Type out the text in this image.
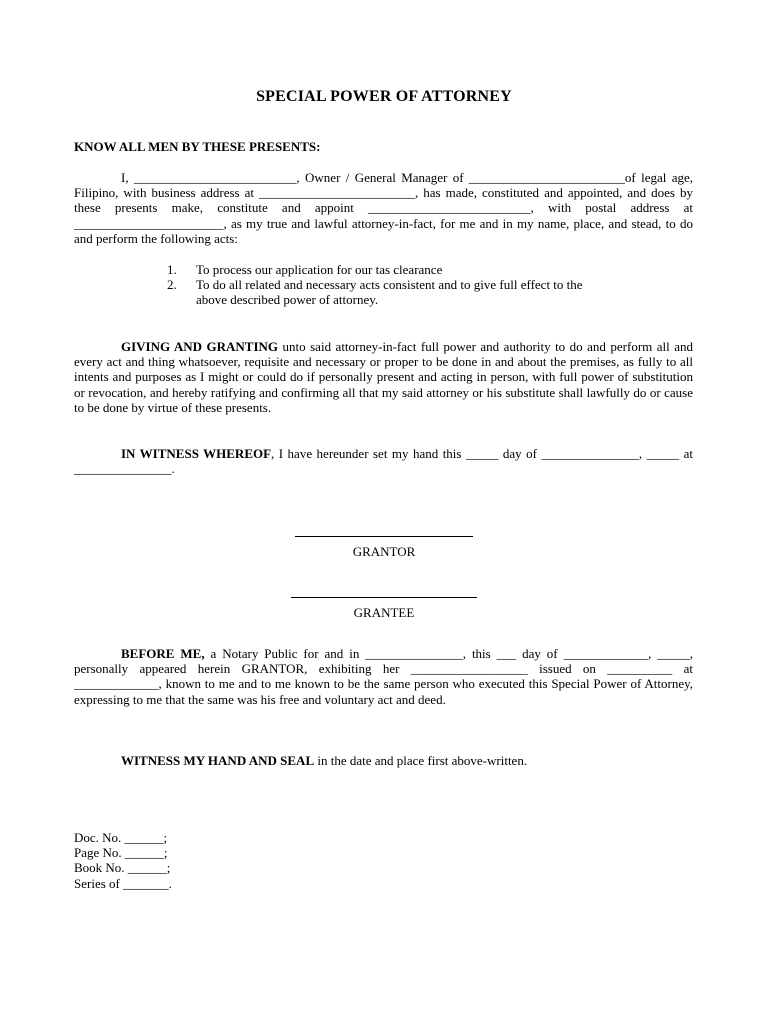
SPECIAL POWER OF ATTORNEY
KNOW ALL MEN BY THESE PRESENTS:
I, _________________________, Owner / General Manager of ________________________of legal age, Filipino, with business address at ________________________, has made, constituted and appointed, and does by these presents make, constitute and appoint _________________________, with postal address at _______________________, as my true and lawful attorney-in-fact, for me and in my name, place, and stead, to do and perform the following acts:
1.	To process our application for our tas clearance
2.	To do all related and necessary acts consistent and to give full effect to the   above described power of attorney.
GIVING AND GRANTING unto said attorney-in-fact full power and authority to do and perform all and every act and thing whatsoever, requisite and necessary or proper to be done in and about the premises, as fully to all intents and purposes as I might or could do if personally present and acting in person, with full power of substitution or revocation, and hereby ratifying and confirming all that my said attorney or his substitute shall lawfully do or cause to be done by virtue of these presents.
IN WITNESS WHEREOF, I have hereunder set my hand this _____ day of _______________, _____ at _______________.
GRANTOR
GRANTEE
BEFORE ME, a Notary Public for and in _______________, this ___ day of _____________, _____, personally appeared herein GRANTOR, exhibiting her __________________ issued on __________ at _____________, known to me and to me known to be the same person who executed this Special Power of Attorney, expressing to me that the same was his free and voluntary act and deed.
WITNESS MY HAND AND SEAL in the date and place first above-written.
Doc. No. ______;
Page No. ______;
Book No. ______;
Series of _______.
